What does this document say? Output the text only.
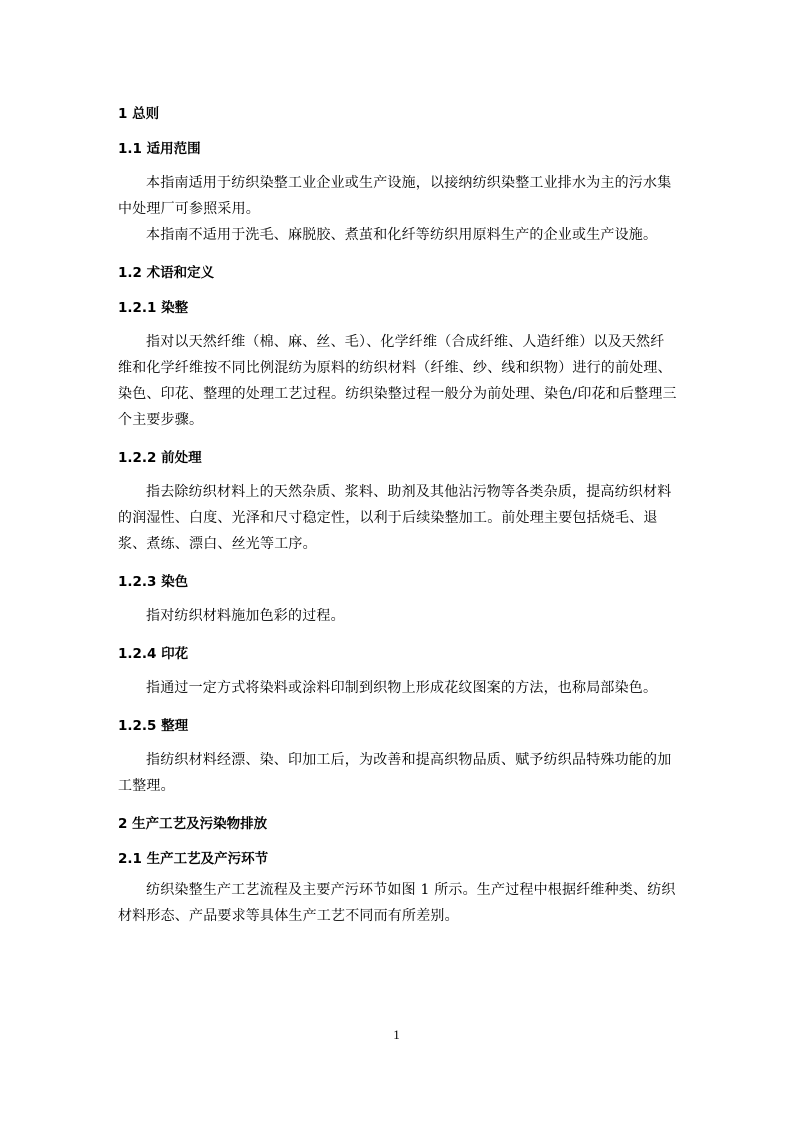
1 总则
1.1 适用范围

本指南适用于纺织染整工业企业或生产设施，以接纳纺织染整工业排水为主的污水集中处理厂可参照采用。

本指南不适用于洗毛、麻脱胶、煮茧和化纤等纺织用原料生产的企业或生产设施。

1.2 术语和定义
1.2.1 染整

指对以天然纤维（棉、麻、丝、毛）、化学纤维（合成纤维、人造纤维）以及天然纤维和化学纤维按不同比例混纺为原料的纺织材料（纤维、纱、线和织物）进行的前处理、染色、印花、整理的处理工艺过程。纺织染整过程一般分为前处理、染色/印花和后整理三个主要步骤。

1.2.2 前处理

指去除纺织材料上的天然杂质、浆料、助剂及其他沾污物等各类杂质，提高纺织材料的润湿性、白度、光泽和尺寸稳定性，以利于后续染整加工。前处理主要包括烧毛、退浆、煮练、漂白、丝光等工序。

1.2.3 染色

指对纺织材料施加色彩的过程。

1.2.4 印花

指通过一定方式将染料或涂料印制到织物上形成花纹图案的方法，也称局部染色。

1.2.5 整理

指纺织材料经漂、染、印加工后，为改善和提高织物品质、赋予纺织品特殊功能的加工整理。

2 生产工艺及污染物排放
2.1 生产工艺及产污环节

纺织染整生产工艺流程及主要产污环节如图 1 所示。生产过程中根据纤维种类、纺织材料形态、产品要求等具体生产工艺不同而有所差别。

1
